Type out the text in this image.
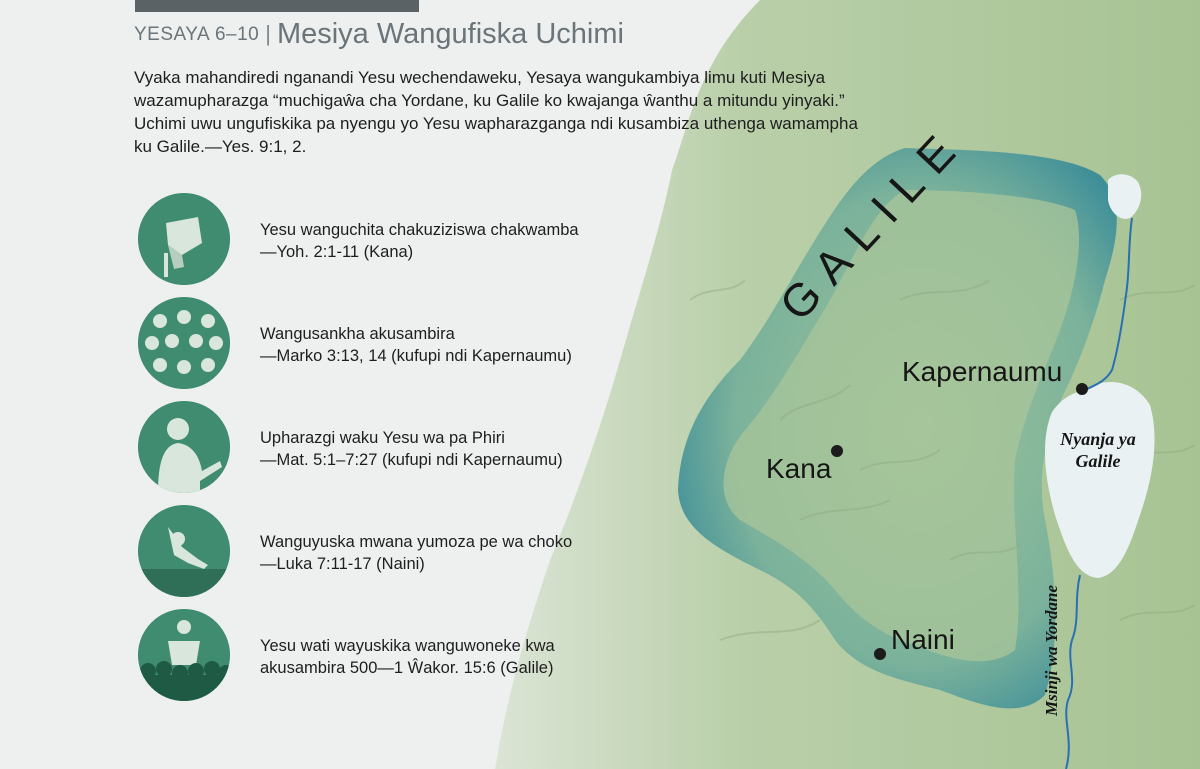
YESAYA 6–10 | Mesiya Wangufiska Uchimi

Vyaka mahandiredi nganandi Yesu wechendaweku, Yesaya wangukambiya limu kuti Mesiya wazamupharazga “muchigaŵa cha Yordane, ku Galile ko kwajanga ŵanthu a mitundu yinyaki.” Uchimi uwu ungufiskika pa nyengu yo Yesu wapharazganga ndi kusambiza uthenga wamampha ku Galile.—Yes. 9:1, 2.

Yesu wanguchita chakuziziswa chakwamba
—Yoh. 2:1-11 (Kana)
Wangusankha akusambira
—Marko 3:13, 14 (kufupi ndi Kapernaumu)
Upharazgi waku Yesu wa pa Phiri
—Mat. 5:1–7:27 (kufupi ndi Kapernaumu)
Wanguyuska mwana yumoza pe wa choko
—Luka 7:11-17 (Naini)
Yesu wati wayuskika wanguwoneke kwa
akusambira 500—1 Ŵakor. 15:6 (Galile)
GALILE
Kapernaumu
Kana
Naini
Nyanja ya
Galile
Msinji wa Yordane
